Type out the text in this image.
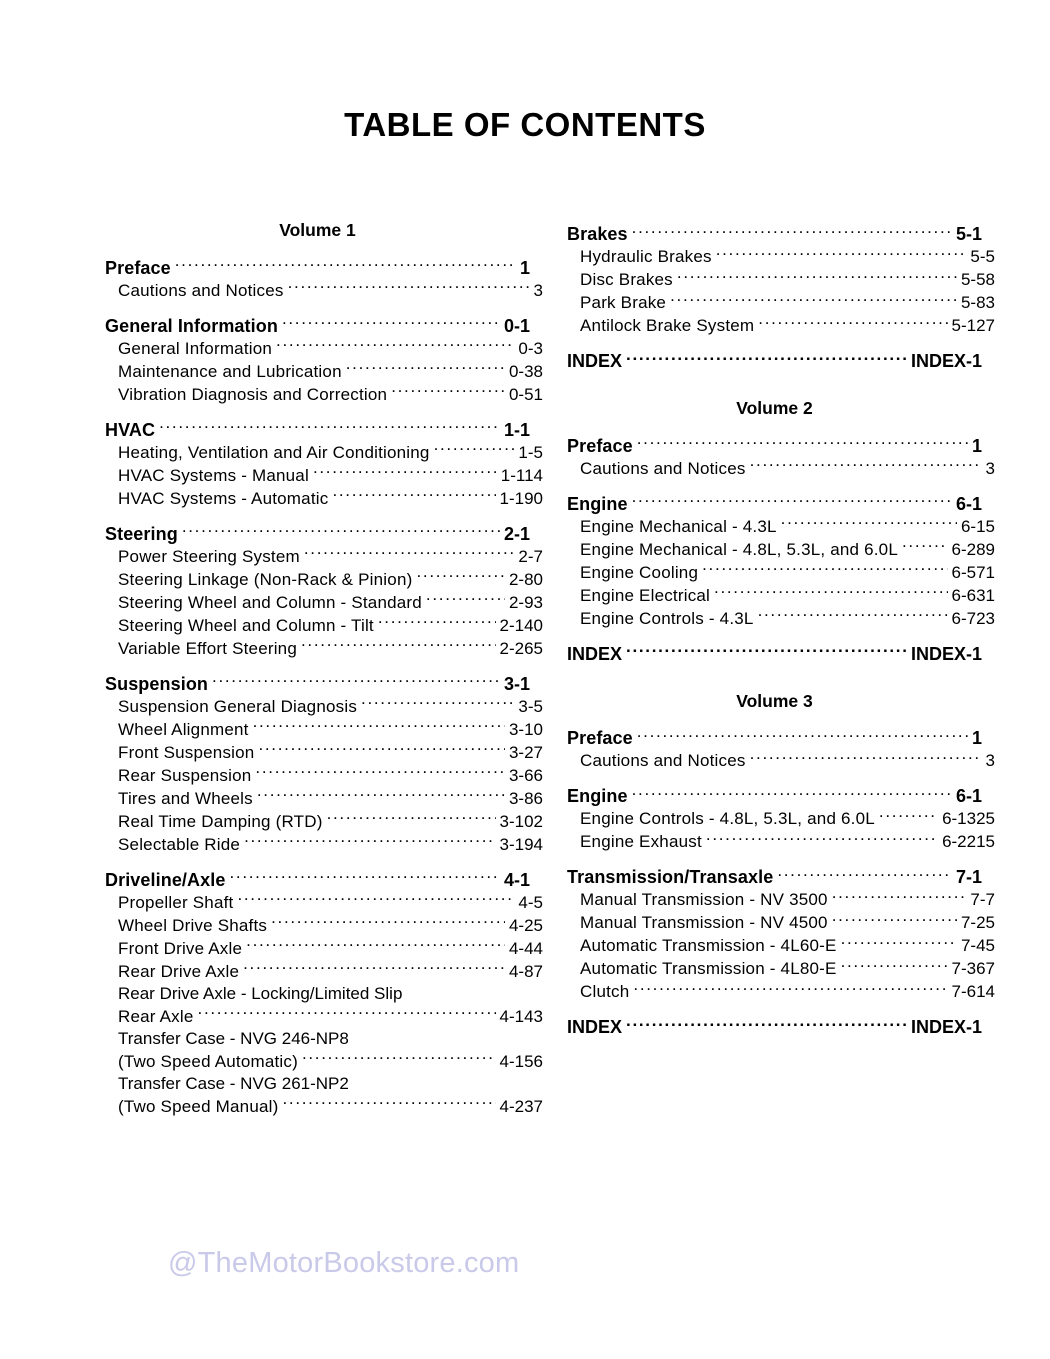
TABLE OF CONTENTS
Volume 1
Preface .....	1
Cautions and Notices .....	3
General Information .....	0-1
General Information .....	0-3
Maintenance and Lubrication .....	0-38
Vibration Diagnosis and Correction .....	0-51
HVAC .....	1-1
Heating, Ventilation and Air Conditioning .....	1-5
HVAC Systems - Manual .....	1-114
HVAC Systems - Automatic .....	1-190
Steering .....	2-1
Power Steering System .....	2-7
Steering Linkage (Non-Rack & Pinion) .....	2-80
Steering Wheel and Column - Standard .....	2-93
Steering Wheel and Column - Tilt .....	2-140
Variable Effort Steering .....	2-265
Suspension .....	3-1
Suspension General Diagnosis .....	3-5
Wheel Alignment .....	3-10
Front Suspension .....	3-27
Rear Suspension .....	3-66
Tires and Wheels .....	3-86
Real Time Damping (RTD) .....	3-102
Selectable Ride .....	3-194
Driveline/Axle .....	4-1
Propeller Shaft .....	4-5
Wheel Drive Shafts .....	4-25
Front Drive Axle .....	4-44
Rear Drive Axle .....	4-87
Rear Drive Axle - Locking/Limited Slip
Rear Axle .....	4-143
Transfer Case - NVG 246-NP8
(Two Speed Automatic) .....	4-156
Transfer Case - NVG 261-NP2
(Two Speed Manual) .....	4-237
Brakes .....	5-1
Hydraulic Brakes .....	5-5
Disc Brakes .....	5-58
Park Brake .....	5-83
Antilock Brake System .....	5-127
INDEX .....	INDEX-1
Volume 2
Preface .....	1
Cautions and Notices .....	3
Engine .....	6-1
Engine Mechanical - 4.3L .....	6-15
Engine Mechanical - 4.8L, 5.3L, and 6.0L .....	6-289
Engine Cooling .....	6-571
Engine Electrical .....	6-631
Engine Controls - 4.3L .....	6-723
INDEX .....	INDEX-1
Volume 3
Preface .....	1
Cautions and Notices .....	3
Engine .....	6-1
Engine Controls - 4.8L, 5.3L, and 6.0L .....	6-1325
Engine Exhaust .....	6-2215
Transmission/Transaxle .....	7-1
Manual Transmission - NV 3500 .....	7-7
Manual Transmission - NV 4500 .....	7-25
Automatic Transmission - 4L60-E .....	7-45
Automatic Transmission - 4L80-E .....	7-367
Clutch .....	7-614
INDEX .....	INDEX-1
@TheMotorBookstore.com
